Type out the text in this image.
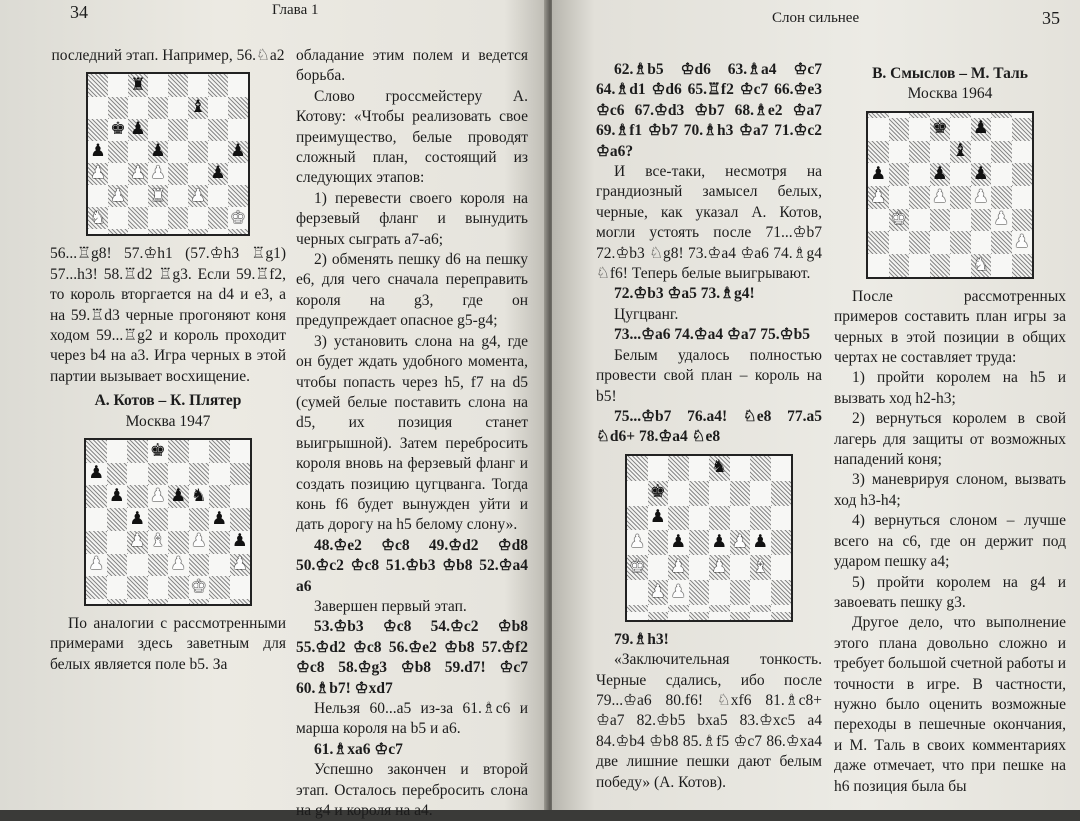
34	Глава 1

последний этап. Например, 56.♘a2

♜
♝
♚ ♟
♟	♟	♟
♟ ♟ ♟	♟
♟ ♜ ♟
♞	♚

56...♖g8! 57.♔h1 (57.♔h3 ♖g1) 57...h3! 58.♖d2 ♖g3. Если 59.♖f2, то король вторгается на d4 и e3, а на 59.♖d3 черные прогоняют коня ходом 59...♖g2 и король проходит через b4 на a3. Игра черных в этой партии вызывает восхищение.

А. Котов – К. Плятер

Москва 1947

♚
♟
♟ ♟ ♟ ♞
♟	♟
♟ ♝ ♟ ♟
♟	♟	♟
♚

По аналогии с рассмотренными примерами здесь заветным для белых является поле b5. За

обладание этим полем и ведется борьба.

Слово гроссмейстеру А. Котову: «Чтобы реализовать свое преимущество, белые проводят сложный план, состоящий из следующих этапов:

1) перевести своего короля на ферзевый фланг и вынудить черных сыграть a7-a6;

2) обменять пешку d6 на пешку e6, для чего сначала переправить короля на g3, где он предупреждает опасное g5-g4;

3) установить слона на g4, где он будет ждать удобного момента, чтобы попасть через h5, f7 на d5 (сумей белые поставить слона на d5, их позиция станет выигрышной). Затем перебросить короля вновь на ферзевый фланг и создать позицию цугцванга. Тогда конь f6 будет вынужден уйти и дать дорогу на h5 белому слону».

48.♔e2 ♔c8 49.♔d2 ♔d8 50.♔c2 ♔c8 51.♔b3 ♔b8 52.♔a4 a6

Завершен первый этап.

53.♔b3 ♔c8 54.♔c2 ♔b8 55.♔d2 ♔c8 56.♔e2 ♔b8 57.♔f2 ♔c8 58.♔g3 ♔b8 59.d7! ♔c7 60.♗b7! ♔xd7

Нельзя 60...a5 из-за 61.♗c6 и марша короля на b5 и a6.

61.♗xa6 ♔c7

Успешно закончен и второй этап. Осталось перебросить слона на g4 и короля на a4.

Слон сильнее	35

62.♗b5 ♔d6 63.♗a4 ♔c7 64.♗d1 ♔d6 65.♖f2 ♔c7 66.♔e3 ♔c6 67.♔d3 ♔b7 68.♗e2 ♔a7 69.♗f1 ♔b7 70.♗h3 ♔a7 71.♔c2 ♔a6?

И все-таки, несмотря на грандиозный замысел белых, черные, как указал А. Котов, могли устоять после 71...♔b7 72.♔b3 ♘g8! 73.♔a4 ♔a6 74.♗g4 ♘f6! Теперь белые выигрывают.

72.♔b3 ♔a5 73.♗g4!

Цугцванг.

73...♔a6 74.♔a4 ♔a7 75.♔b5

Белым удалось полностью провести свой план – король на b5!

75...♔b7 76.a4! ♘e8 77.a5 ♘d6+ 78.♔a4 ♘e8

♞
♚
♟
♟ ♟ ♟ ♟ ♟
♚ ♟ ♟ ♝
♟ ♟

79.♗h3!

«Заключительная тонкость. Черные сдались, ибо после 79...♔a6 80.f6! ♘xf6 81.♗c8+ ♔a7 82.♔b5 bxa5 83.♔xc5 a4 84.♔b4 ♔b8 85.♗f5 ♔c7 86.♔xa4 две лишние пешки дают белым победу» (А. Котов).

В. Смыслов – М. Таль

Москва 1964

♚ ♟
♝
♟	♟ ♟
♟	♟ ♟
♚	♟
♟
♞

После рассмотренных примеров составить план игры за черных в этой позиции в общих чертах не составляет труда:

1) пройти королем на h5 и вызвать ход h2-h3;

2) вернуться королем в свой лагерь для защиты от возможных нападений коня;

3) маневрируя слоном, вызвать ход h3-h4;

4) вернуться слоном – лучше всего на c6, где он держит под ударом пешку a4;

5) пройти королем на g4 и завоевать пешку g3.

Другое дело, что выполнение этого плана довольно сложно и требует большой счетной работы и точности в игре. В частности, нужно было оценить возможные переходы в пешечные окончания, и М. Таль в своих комментариях даже отмечает, что при пешке на h6 позиция была бы
